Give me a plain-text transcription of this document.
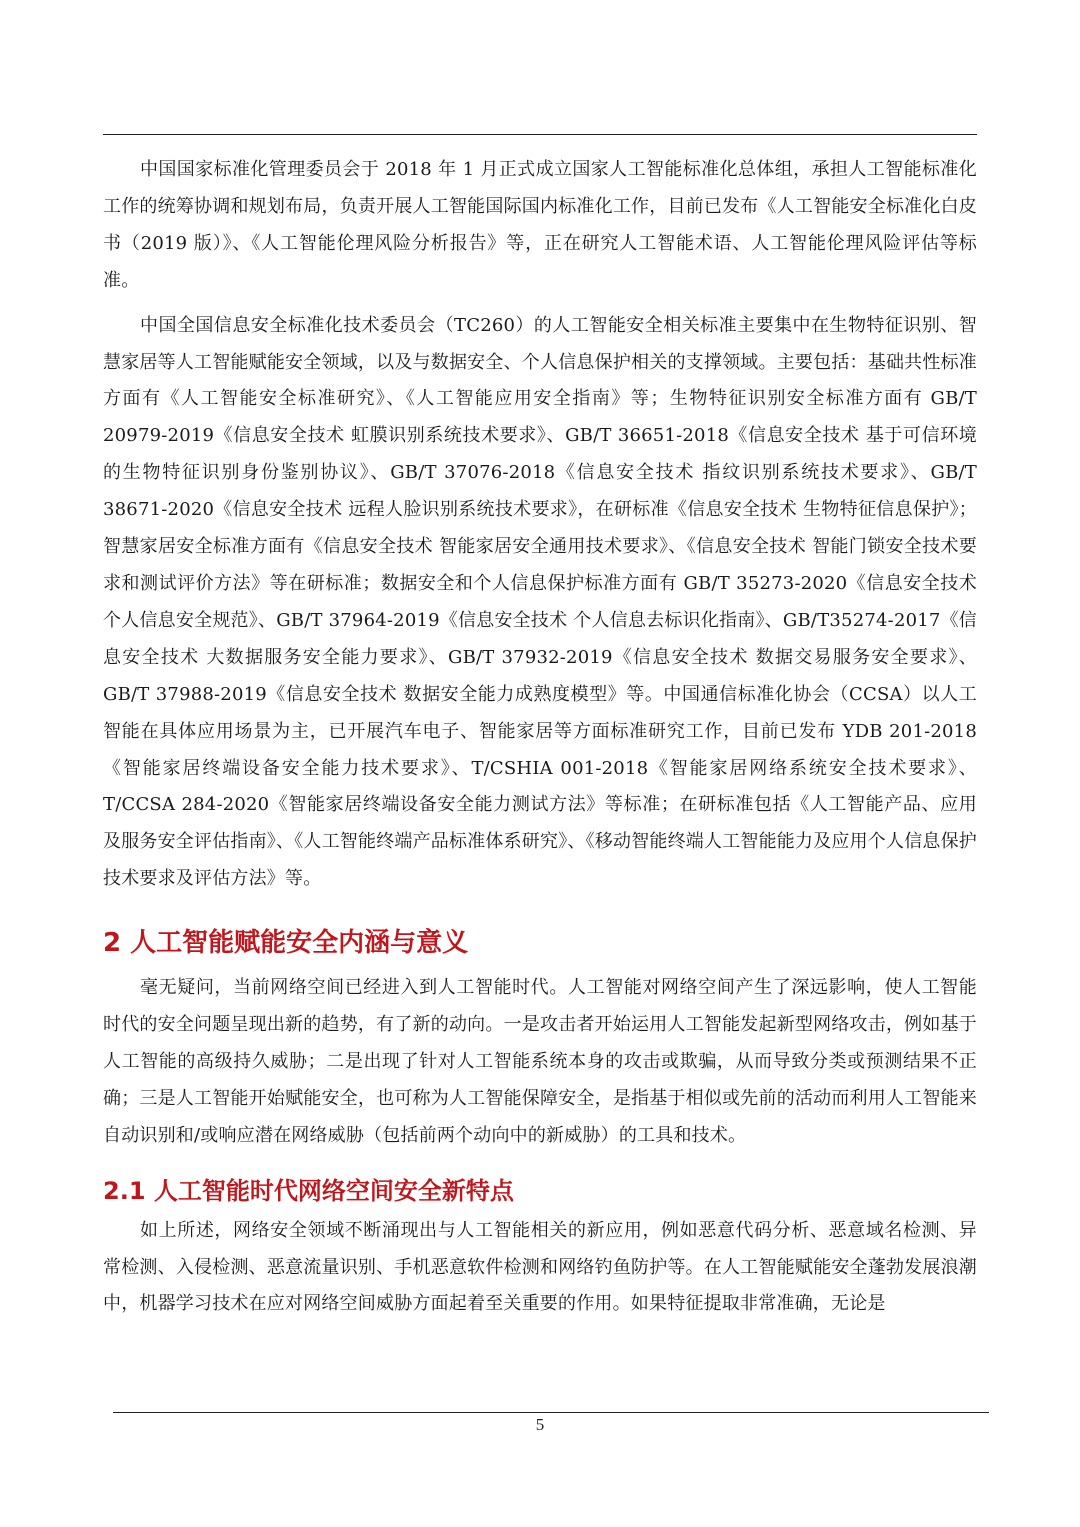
中国国家标准化管理委员会于 2018 年 1 月正式成立国家人工智能标准化总体组，承担人工智能标准化工作的统筹协调和规划布局，负责开展人工智能国际国内标准化工作，目前已发布《人工智能安全标准化白皮书（2019 版）》、《人工智能伦理风险分析报告》等，正在研究人工智能术语、人工智能伦理风险评估等标准。

中国全国信息安全标准化技术委员会（TC260）的人工智能安全相关标准主要集中在生物特征识别、智慧家居等人工智能赋能安全领域，以及与数据安全、个人信息保护相关的支撑领域。主要包括：基础共性标准方面有《人工智能安全标准研究》、《人工智能应用安全指南》等；生物特征识别安全标准方面有 GB/T 20979-2019《信息安全技术 虹膜识别系统技术要求》、GB/T 36651-2018《信息安全技术 基于可信环境的生物特征识别身份鉴别协议》、GB/T 37076-2018《信息安全技术 指纹识别系统技术要求》、GB/T 38671-2020《信息安全技术 远程人脸识别系统技术要求》，在研标准《信息安全技术 生物特征信息保护》；智慧家居安全标准方面有《信息安全技术 智能家居安全通用技术要求》、《信息安全技术 智能门锁安全技术要求和测试评价方法》等在研标准；数据安全和个人信息保护标准方面有 GB/T 35273-2020《信息安全技术 个人信息安全规范》、GB/T 37964-2019《信息安全技术 个人信息去标识化指南》、GB/T35274-2017《信息安全技术 大数据服务安全能力要求》、GB/T 37932-2019《信息安全技术 数据交易服务安全要求》、GB/T 37988-2019《信息安全技术 数据安全能力成熟度模型》等。中国通信标准化协会（CCSA）以人工智能在具体应用场景为主，已开展汽车电子、智能家居等方面标准研究工作，目前已发布 YDB 201-2018《智能家居终端设备安全能力技术要求》、T/CSHIA 001-2018《智能家居网络系统安全技术要求》、T/CCSA 284-2020《智能家居终端设备安全能力测试方法》等标准；在研标准包括《人工智能产品、应用及服务安全评估指南》、《人工智能终端产品标准体系研究》、《移动智能终端人工智能能力及应用个人信息保护技术要求及评估方法》等。

2 人工智能赋能安全内涵与意义

毫无疑问，当前网络空间已经进入到人工智能时代。人工智能对网络空间产生了深远影响，使人工智能时代的安全问题呈现出新的趋势，有了新的动向。一是攻击者开始运用人工智能发起新型网络攻击，例如基于人工智能的高级持久威胁；二是出现了针对人工智能系统本身的攻击或欺骗，从而导致分类或预测结果不正确；三是人工智能开始赋能安全，也可称为人工智能保障安全，是指基于相似或先前的活动而利用人工智能来自动识别和/或响应潜在网络威胁（包括前两个动向中的新威胁）的工具和技术。

2.1 人工智能时代网络空间安全新特点

如上所述，网络安全领域不断涌现出与人工智能相关的新应用，例如恶意代码分析、恶意域名检测、异常检测、入侵检测、恶意流量识别、手机恶意软件检测和网络钓鱼防护等。在人工智能赋能安全蓬勃发展浪潮中，机器学习技术在应对网络空间威胁方面起着至关重要的作用。如果特征提取非常准确，无论是

5
